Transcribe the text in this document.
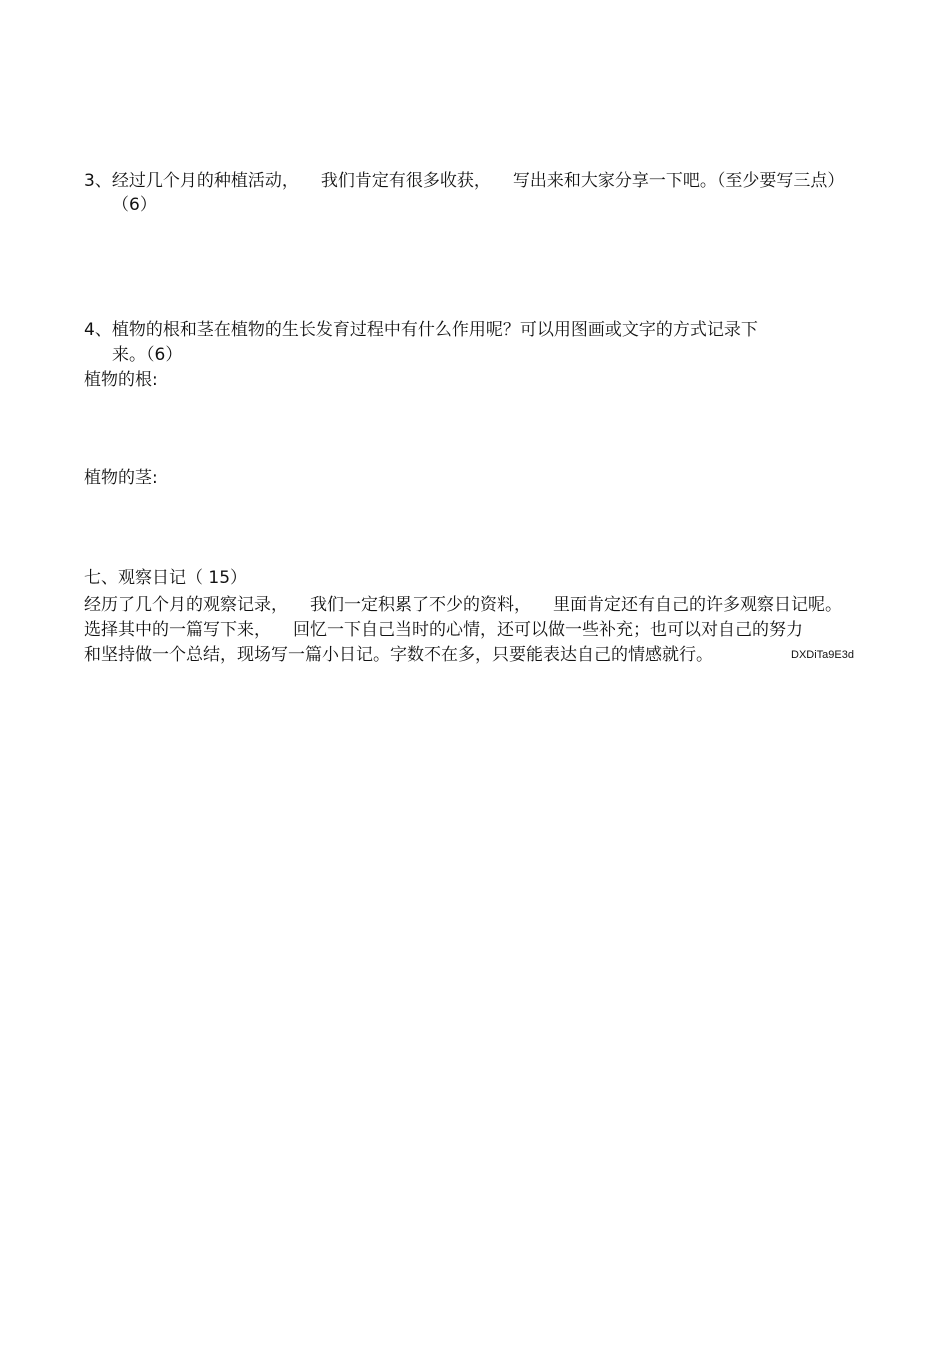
3、经过几个月的种植活动， 我们肯定有很多收获， 写出来和大家分享一下吧。（至少要写三点）
（6）
4、植物的根和茎在植物的生长发育过程中有什么作用呢？可以用图画或文字的方式记录下
来。（6）
植物的根:
植物的茎:
七、观察日记（ 15）
经历了几个月的观察记录， 我们一定积累了不少的资料， 里面肯定还有自己的许多观察日记呢。
选择其中的一篇写下来， 回忆一下自己当时的心情，还可以做一些补充；也可以对自己的努力
和坚持做一个总结，现场写一篇小日记。字数不在多，只要能表达自己的情感就行。	DXDiTa9E3d
